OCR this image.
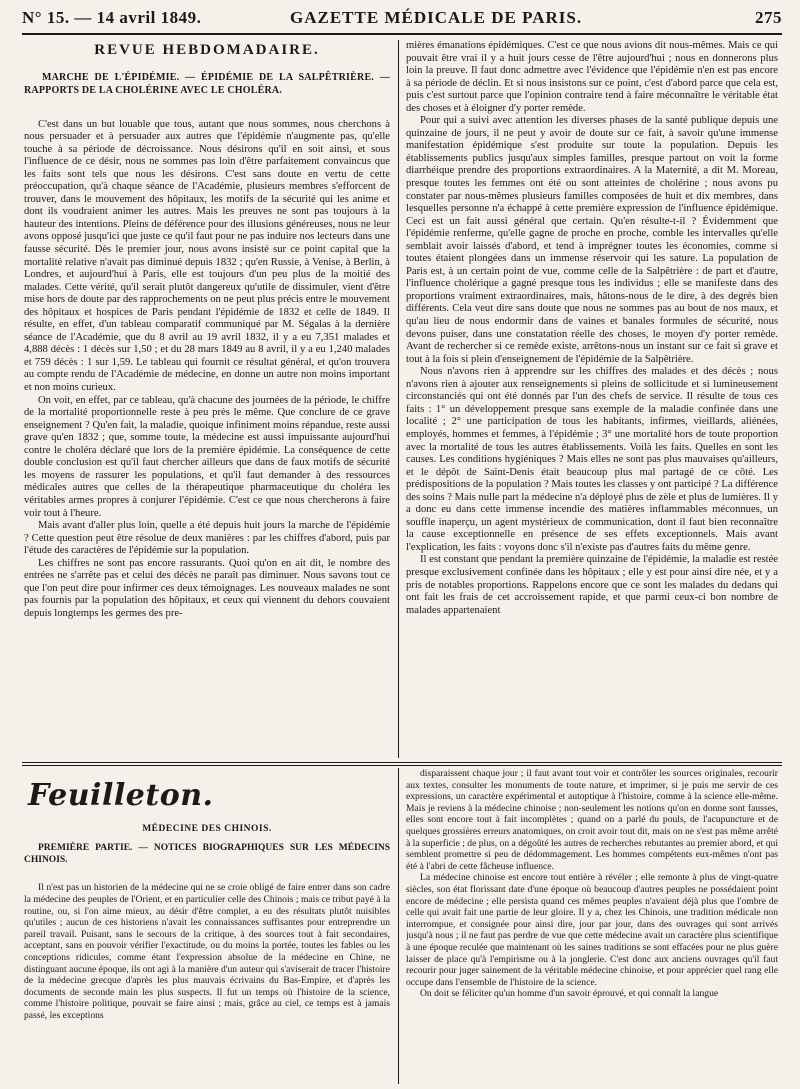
N° 15. — 14 avril 1849.	GAZETTE MÉDICALE DE PARIS.	275
REVUE HEBDOMADAIRE.
MARCHE DE L'ÉPIDÉMIE. — ÉPIDÉMIE DE LA SALPÊTRIÈRE. — RAPPORTS DE LA CHOLÉRINE AVEC LE CHOLÉRA.

C'est dans un but louable que tous, autant que nous sommes, nous cherchons à nous persuader et à persuader aux autres que l'épidémie n'augmente pas, qu'elle touche à sa période de décroissance. Nous désirons qu'il en soit ainsi, et sous l'influence de ce désir, nous ne sommes pas loin d'être parfaitement convaincus que les faits sont tels que nous les désirons. C'est sans doute en vertu de cette préoccupation, qu'à chaque séance de l'Académie, plusieurs membres s'efforcent de trouver, dans le mouvement des hôpitaux, les motifs de la sécurité qui les anime et dont ils voudraient animer les autres. Mais les preuves ne sont pas toujours à la hauteur des intentions. Pleins de déférence pour des illusions généreuses, nous ne leur avons opposé jusqu'ici que juste ce qu'il faut pour ne pas induire nos lecteurs dans une fausse sécurité. Dès le premier jour, nous avons insisté sur ce point capital que la mortalité relative n'avait pas diminué depuis 1832 ; qu'en Russie, à Venise, à Berlin, à Londres, et aujourd'hui à Paris, elle est toujours d'un peu plus de la moitié des malades. Cette vérité, qu'il serait plutôt dangereux qu'utile de dissimuler, vient d'être mise hors de doute par des rapprochements on ne peut plus précis entre le mouvement des hôpitaux et hospices de Paris pendant l'épidémie de 1832 et celle de 1849. Il résulte, en effet, d'un tableau comparatif communiqué par M. Ségalas à la dernière séance de l'Académie, que du 8 avril au 19 avril 1832, il y a eu 7,351 malades et 4,888 décès : 1 décès sur 1,50 ; et du 28 mars 1849 au 8 avril, il y a eu 1,240 malades et 759 décès : 1 sur 1,59. Le tableau qui fournit ce résultat général, et qu'on trouvera au compte rendu de l'Académie de médecine, en donne un autre non moins important et non moins curieux.

On voit, en effet, par ce tableau, qu'à chacune des journées de la période, le chiffre de la mortalité proportionnelle reste à peu près le même. Que conclure de ce grave enseignement ? Qu'en fait, la maladie, quoique infiniment moins répandue, reste aussi grave qu'en 1832 ; que, somme toute, la médecine est aussi impuissante aujourd'hui contre le choléra déclaré que lors de la première épidémie. La conséquence de cette double conclusion est qu'il faut chercher ailleurs que dans de faux motifs de sécurité les moyens de rassurer les populations, et qu'il faut demander à des ressources médicales autres que celles de la thérapeutique pharmaceutique du choléra les véritables armes propres à conjurer l'épidémie. C'est ce que nous chercherons à faire voir tout à l'heure.

Mais avant d'aller plus loin, quelle a été depuis huit jours la marche de l'épidémie ? Cette question peut être résolue de deux manières : par les chiffres d'abord, puis par l'étude des caractères de l'épidémie sur la population.

Les chiffres ne sont pas encore rassurants. Quoi qu'on en ait dit, le nombre des entrées ne s'arrête pas et celui des décès ne paraît pas diminuer. Nous savons tout ce que l'on peut dire pour infirmer ces deux témoignages. Les nouveaux malades ne sont pas fournis par la population des hôpitaux, et ceux qui viennent du dehors couvaient depuis longtemps les germes des pre-

mières émanations épidémiques. C'est ce que nous avions dit nous-mêmes. Mais ce qui pouvait être vrai il y a huit jours cesse de l'être aujourd'hui ; nous en donnerons plus loin la preuve. Il faut donc admettre avec l'évidence que l'épidémie n'en est pas encore à sa période de déclin. Et si nous insistons sur ce point, c'est d'abord parce que cela est, puis c'est surtout parce que l'opinion contraire tend à faire méconnaître le véritable état des choses et à éloigner d'y porter remède.

Pour qui a suivi avec attention les diverses phases de la santé publique depuis une quinzaine de jours, il ne peut y avoir de doute sur ce fait, à savoir qu'une immense manifestation épidémique s'est produite sur toute la population. Depuis les établissements publics jusqu'aux simples familles, presque partout on voit la forme diarrhéique prendre des proportions extraordinaires. A la Maternité, a dit M. Moreau, presque toutes les femmes ont été ou sont atteintes de cholérine ; nous avons pu constater par nous-mêmes plusieurs familles composées de huit et dix membres, dans lesquelles personne n'a échappé à cette première expression de l'influence épidémique. Ceci est un fait aussi général que certain. Qu'en résulte-t-il ? Évidemment que l'épidémie renferme, qu'elle gagne de proche en proche, comble les intervalles qu'elle semblait avoir laissés d'abord, et tend à imprégner toutes les économies, comme si toutes étaient plongées dans un immense réservoir qui les sature. La population de Paris est, à un certain point de vue, comme celle de la Salpêtrière : de part et d'autre, l'influence cholérique a gagné presque tous les individus ; elle se manifeste dans des proportions vraiment extraordinaires, mais, hâtons-nous de le dire, à des degrés bien différents. Cela veut dire sans doute que nous ne sommes pas au bout de nos maux, et qu'au lieu de nous endormir dans de vaines et banales formules de sécurité, nous devons puiser, dans une constatation réelle des choses, le moyen d'y porter remède. Avant de rechercher si ce remède existe, arrêtons-nous un instant sur ce fait si grave et tout à la fois si plein d'enseignement de l'épidémie de la Salpêtrière.

Nous n'avons rien à apprendre sur les chiffres des malades et des décès ; nous n'avons rien à ajouter aux renseignements si pleins de sollicitude et si lumineusement circonstanciés qui ont été donnés par l'un des chefs de service. Il résulte de tous ces faits : 1° un développement presque sans exemple de la maladie confinée dans une localité ; 2° une participation de tous les habitants, infirmes, vieillards, aliénées, employés, hommes et femmes, à l'épidémie ; 3° une mortalité hors de toute proportion avec la mortalité de tous les autres établissements. Voilà les faits. Quelles en sont les causes. Les conditions hygiéniques ? Mais elles ne sont pas plus mauvaises qu'ailleurs, et le dépôt de Saint-Denis était beaucoup plus mal partagé de ce côté. Les prédispositions de la population ? Mais toutes les classes y ont participé ? La différence des soins ? Mais nulle part la médecine n'a déployé plus de zèle et plus de lumières. Il y a donc eu dans cette immense incendie des matières inflammables méconnues, un souffle inaperçu, un agent mystérieux de communication, dont il faut bien reconnaître la cause exceptionnelle en présence de ses effets exceptionnels. Mais avant l'explication, les faits : voyons donc s'il n'existe pas d'autres faits du même genre.

Il est constant que pendant la première quinzaine de l'épidémie, la maladie est restée presque exclusivement confinée dans les hôpitaux ; elle y est pour ainsi dire née, et y a pris de notables proportions. Rappelons encore que ce sont les malades du dedans qui ont fait les frais de cet accroissement rapide, et que parmi ceux-ci bon nombre de malades appartenaient

Feuilleton.
MÉDECINE DES CHINOIS.
PREMIÈRE PARTIE. — NOTICES BIOGRAPHIQUES SUR LES MÉDECINS CHINOIS.

Il n'est pas un historien de la médecine qui ne se croie obligé de faire entrer dans son cadre la médecine des peuples de l'Orient, et en particulier celle des Chinois ; mais ce tribut payé à la routine, ou, si l'on aime mieux, au désir d'être complet, a eu des résultats plutôt nuisibles qu'utiles ; aucun de ces historiens n'avait les connaissances suffisantes pour entreprendre un pareil travail. Puisant, sans le secours de la critique, à des sources tout à fait secondaires, acceptant, sans en pouvoir vérifier l'exactitude, ou du moins la portée, toutes les fables ou les conceptions ridicules, comme étant l'expression absolue de la médecine en Chine, ne distinguant aucune époque, ils ont agi à la manière d'un auteur qui s'aviserait de tracer l'histoire de la médecine grecque d'après les plus mauvais écrivains du Bas-Empire, et d'après les documents de seconde main les plus suspects. Il fut un temps où l'histoire de la science, comme l'histoire politique, pouvait se faire ainsi ; mais, grâce au ciel, ce temps est à jamais passé, les exceptions

disparaissent chaque jour ; il faut avant tout voir et contrôler les sources originales, recourir aux textes, consulter les monuments de toute nature, et imprimer, si je puis me servir de ces expressions, un caractère expérimental et autoptique à l'histoire, comme à la science elle-même. Mais je reviens à la médecine chinoise ; non-seulement les notions qu'on en donne sont fausses, elles sont encore tout à fait incomplètes ; quand on a parlé du pouls, de l'acupuncture et de quelques grossières erreurs anatomiques, on croit avoir tout dit, mais on ne s'est pas même arrêté à la superficie ; de plus, on a dégoûté les autres de recherches rebutantes au premier abord, et qui semblent promettre si peu de dédommagement. Les hommes compétents eux-mêmes n'ont pas été à l'abri de cette fâcheuse influence.

La médecine chinoise est encore tout entière à révéler ; elle remonte à plus de vingt-quatre siècles, son état florissant date d'une époque où beaucoup d'autres peuples ne possédaient point encore de médecine ; elle persista quand ces mêmes peuples n'avaient déjà plus que l'ombre de celle qui avait fait une partie de leur gloire. Il y a, chez les Chinois, une tradition médicale non interrompue, et consignée pour ainsi dire, jour par jour, dans des ouvrages qui sont arrivés jusqu'à nous ; il ne faut pas perdre de vue que cette médecine avait un caractère plus scientifique à une époque reculée que maintenant où les saines traditions se sont effacées pour ne plus guère laisser de place qu'à l'empirisme ou à la jonglerie. C'est donc aux anciens ouvrages qu'il faut recourir pour juger sainement de la véritable médecine chinoise, et pour apprécier quel rang elle occupe dans l'ensemble de l'histoire de la science.

On doit se féliciter qu'un homme d'un savoir éprouvé, et qui connaît la langue
